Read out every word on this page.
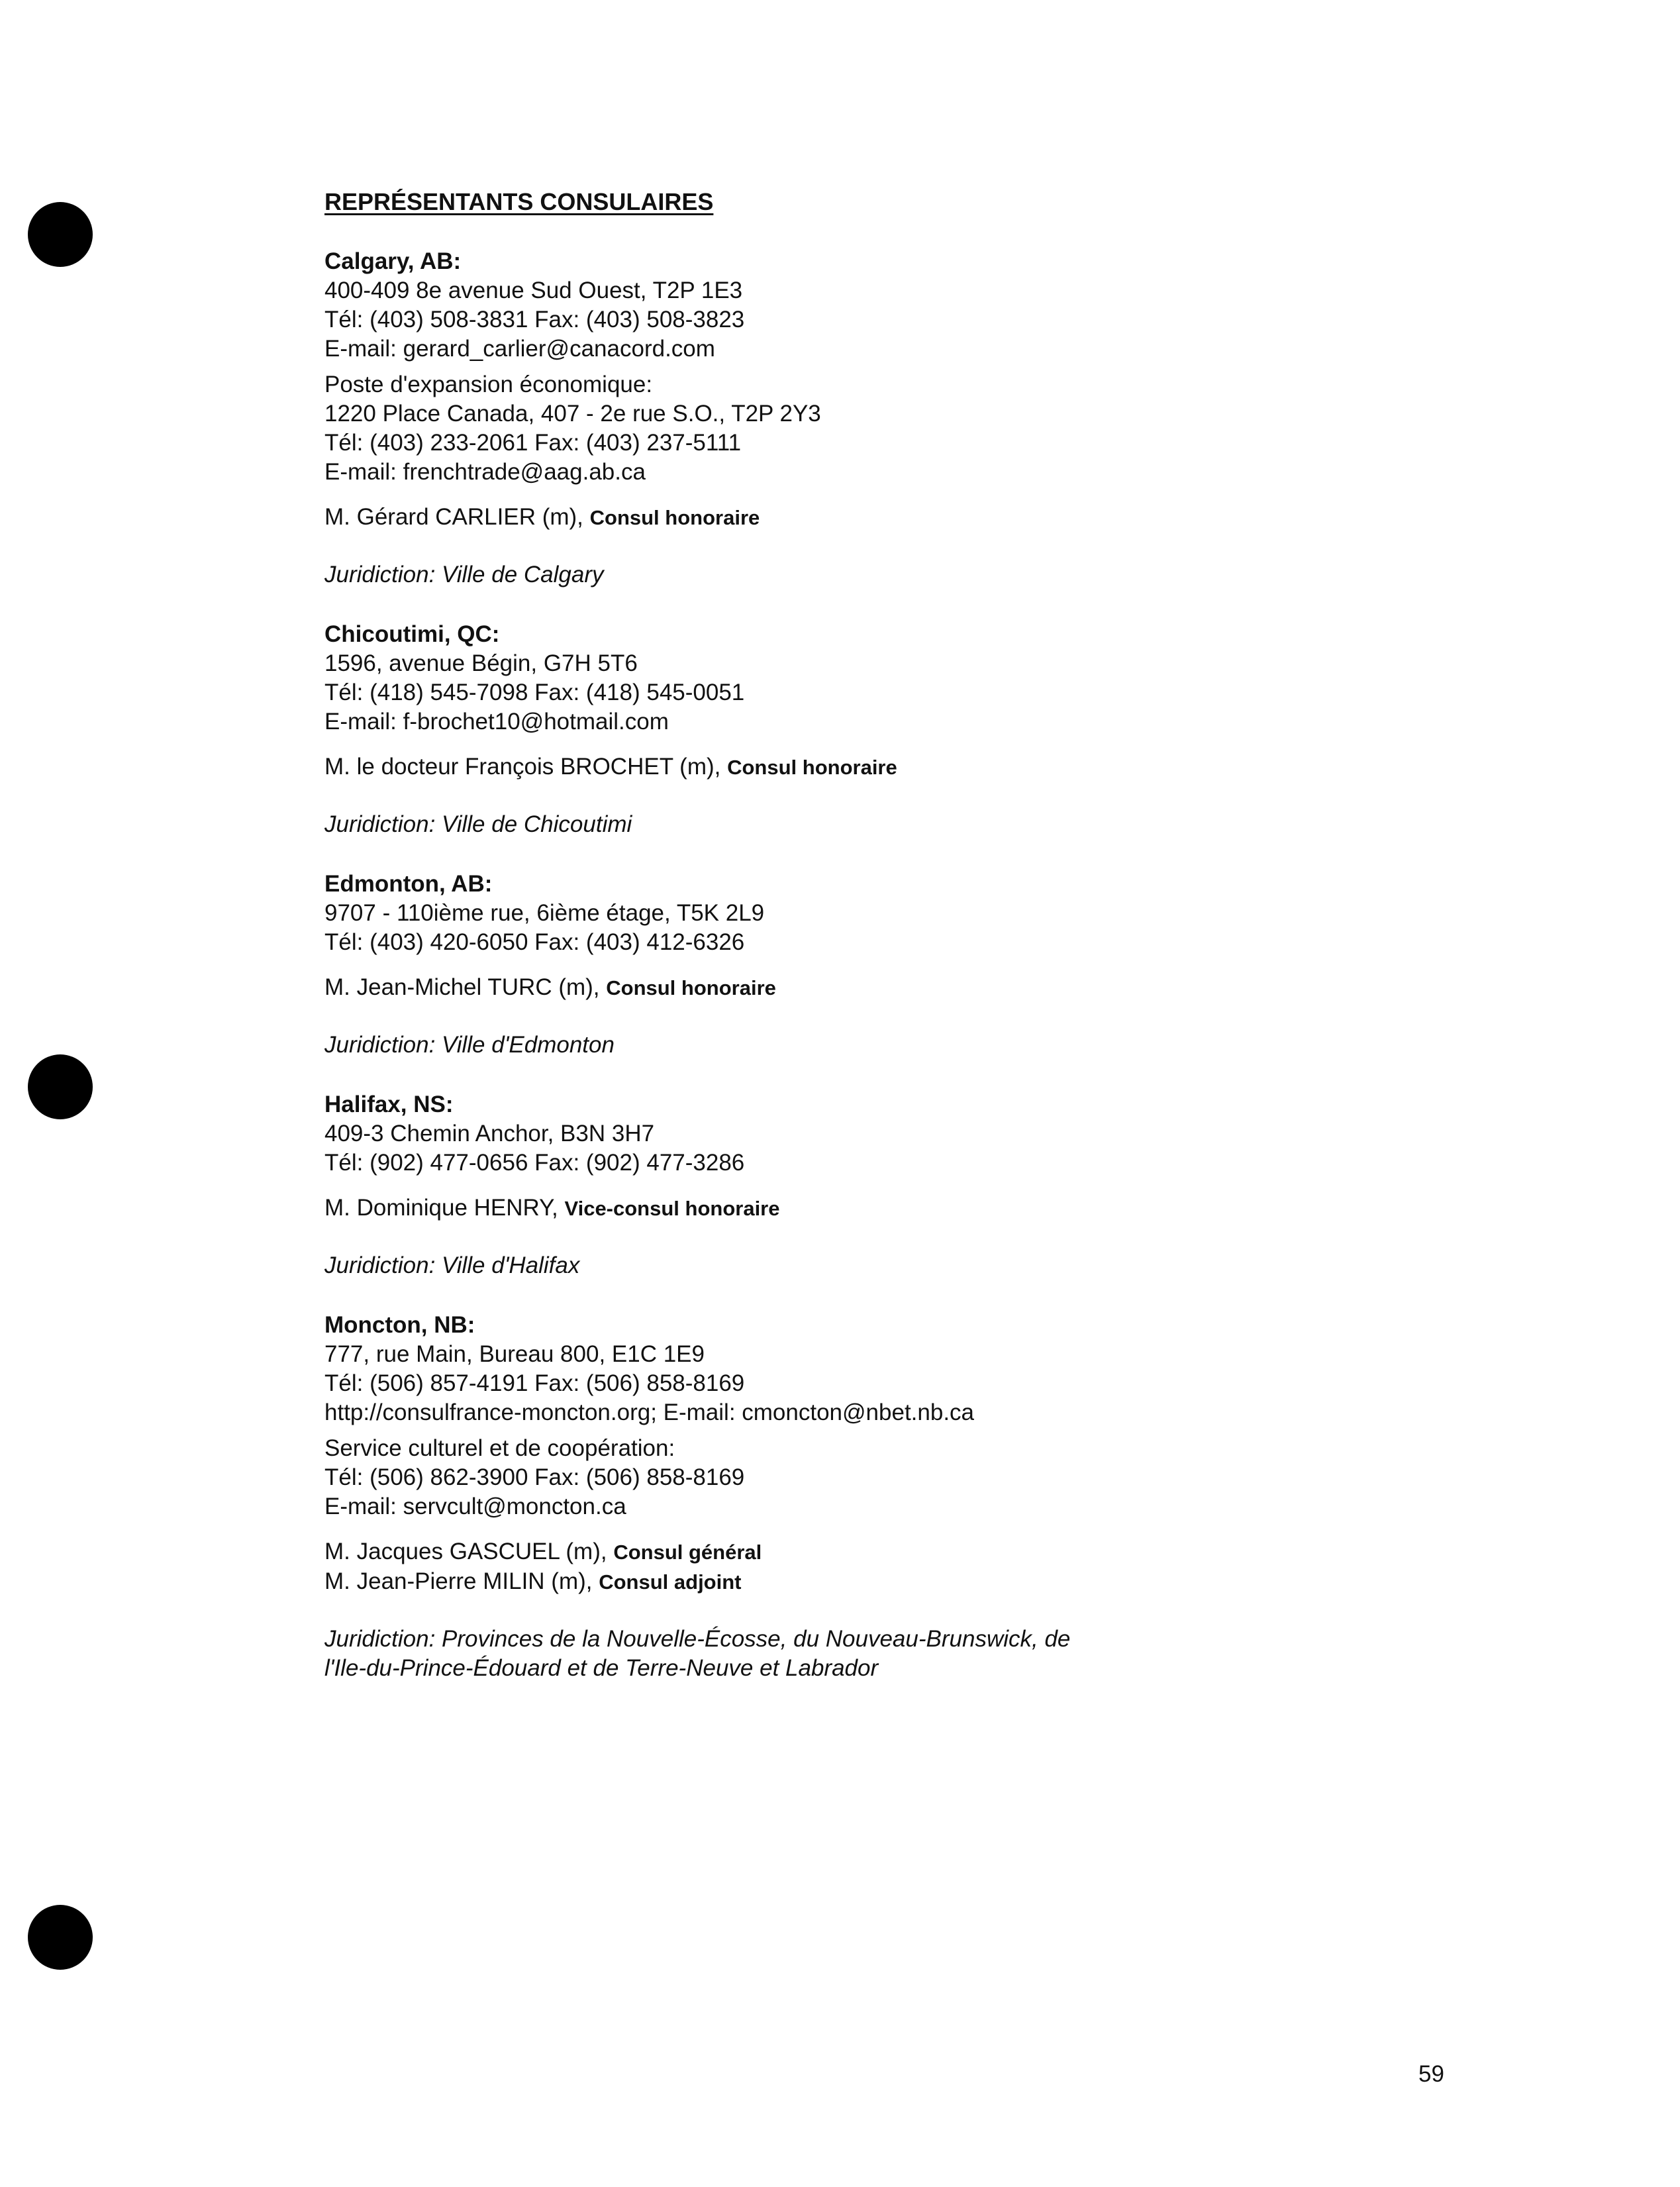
REPRÉSENTANTS CONSULAIRES
Calgary, AB:
400-409 8e avenue Sud Ouest, T2P 1E3
Tél: (403) 508-3831 Fax: (403) 508-3823
E-mail: gerard_carlier@canacord.com
Poste d'expansion économique:
1220 Place Canada, 407 - 2e rue S.O., T2P 2Y3
Tél: (403) 233-2061 Fax: (403) 237-5111
E-mail: frenchtrade@aag.ab.ca
M. Gérard CARLIER (m), Consul honoraire
Juridiction: Ville de Calgary
Chicoutimi, QC:
1596, avenue Bégin, G7H 5T6
Tél: (418) 545-7098 Fax: (418) 545-0051
E-mail: f-brochet10@hotmail.com
M. le docteur François BROCHET (m), Consul honoraire
Juridiction: Ville de Chicoutimi
Edmonton, AB:
9707 - 110ième rue, 6ième étage, T5K 2L9
Tél: (403) 420-6050 Fax: (403) 412-6326
M. Jean-Michel TURC (m), Consul honoraire
Juridiction: Ville d'Edmonton
Halifax, NS:
409-3 Chemin Anchor, B3N 3H7
Tél: (902) 477-0656 Fax: (902) 477-3286
M. Dominique HENRY, Vice-consul honoraire
Juridiction: Ville d'Halifax
Moncton, NB:
777, rue Main, Bureau 800, E1C 1E9
Tél: (506) 857-4191 Fax: (506) 858-8169
http://consulfrance-moncton.org; E-mail: cmoncton@nbet.nb.ca
Service culturel et de coopération:
Tél: (506) 862-3900 Fax: (506) 858-8169
E-mail: servcult@moncton.ca
M. Jacques GASCUEL (m), Consul général
M. Jean-Pierre MILIN (m), Consul adjoint
Juridiction: Provinces de la Nouvelle-Écosse, du Nouveau-Brunswick, de
l'Ile-du-Prince-Édouard et de Terre-Neuve et Labrador
59
